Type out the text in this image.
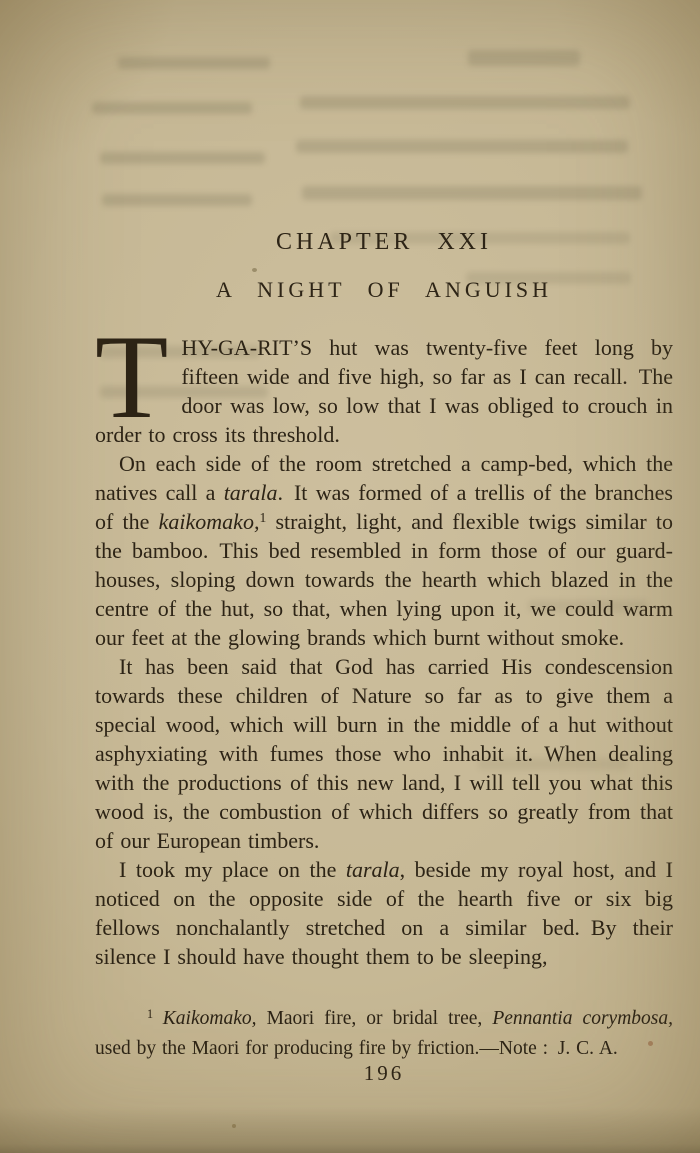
CHAPTER XXI
A NIGHT OF ANGUISH

THY-GA-RIT’S hut was twenty-five feet long by fifteen wide and five high, so far as I can recall. The door was low, so low that I was obliged to crouch in order to cross its threshold.

On each side of the room stretched a camp-bed, which the natives call a tarala. It was formed of a trellis of the branches of the kaikomako,$^1$ straight, light, and flexible twigs similar to the bamboo. This bed resembled in form those of our guard-houses, sloping down towards the hearth which blazed in the centre of the hut, so that, when lying upon it, we could warm our feet at the glowing brands which burnt without smoke.

It has been said that God has carried His condescension towards these children of Nature so far as to give them a special wood, which will burn in the middle of a hut without asphyxiating with fumes those who inhabit it. When dealing with the productions of this new land, I will tell you what this wood is, the combustion of which differs so greatly from that of our European timbers.

I took my place on the tarala, beside my royal host, and I noticed on the opposite side of the hearth five or six big fellows nonchalantly stretched on a similar bed. By their silence I should have thought them to be sleeping,

$^1$  Kaikomako, Maori fire, or bridal tree, Pennantia corymbosa, used by the Maori for producing fire by friction.—Note : J. C. A.
196
